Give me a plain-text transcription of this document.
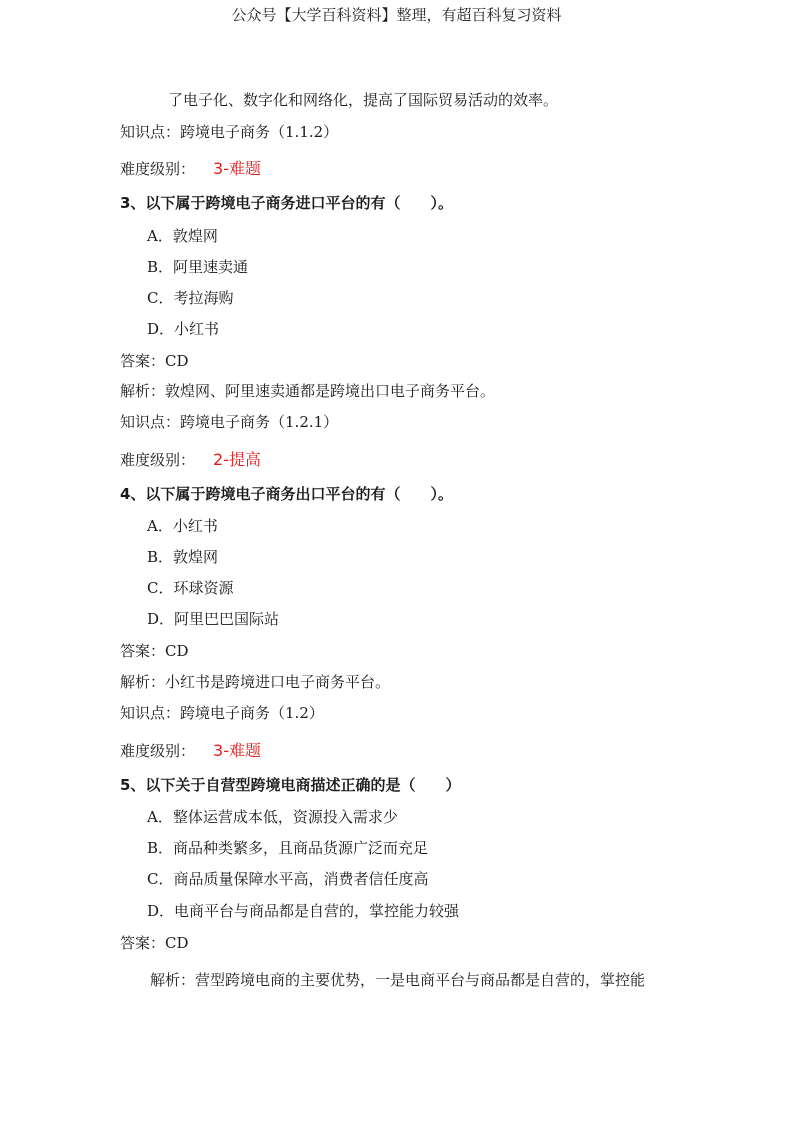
公众号【大学百科资料】整理，有超百科复习资料
了电子化、数字化和网络化，提高了国际贸易活动的效率。
知识点：跨境电子商务（1.1.2）
难度级别： 3-难题
3、以下属于跨境电子商务进口平台的有（　　）。
A．敦煌网
B．阿里速卖通
C．考拉海购
D．小红书
答案：CD
解析：敦煌网、阿里速卖通都是跨境出口电子商务平台。
知识点：跨境电子商务（1.2.1）
难度级别： 2-提高
4、以下属于跨境电子商务出口平台的有（　　）。
A．小红书
B．敦煌网
C．环球资源
D．阿里巴巴国际站
答案：CD
解析：小红书是跨境进口电子商务平台。
知识点：跨境电子商务（1.2）
难度级别： 3-难题
5、以下关于自营型跨境电商描述正确的是（　　）
A．整体运营成本低，资源投入需求少
B．商品种类繁多，且商品货源广泛而充足
C．商品质量保障水平高，消费者信任度高
D．电商平台与商品都是自营的，掌控能力较强
答案：CD
解析：营型跨境电商的主要优势，一是电商平台与商品都是自营的，掌控能
